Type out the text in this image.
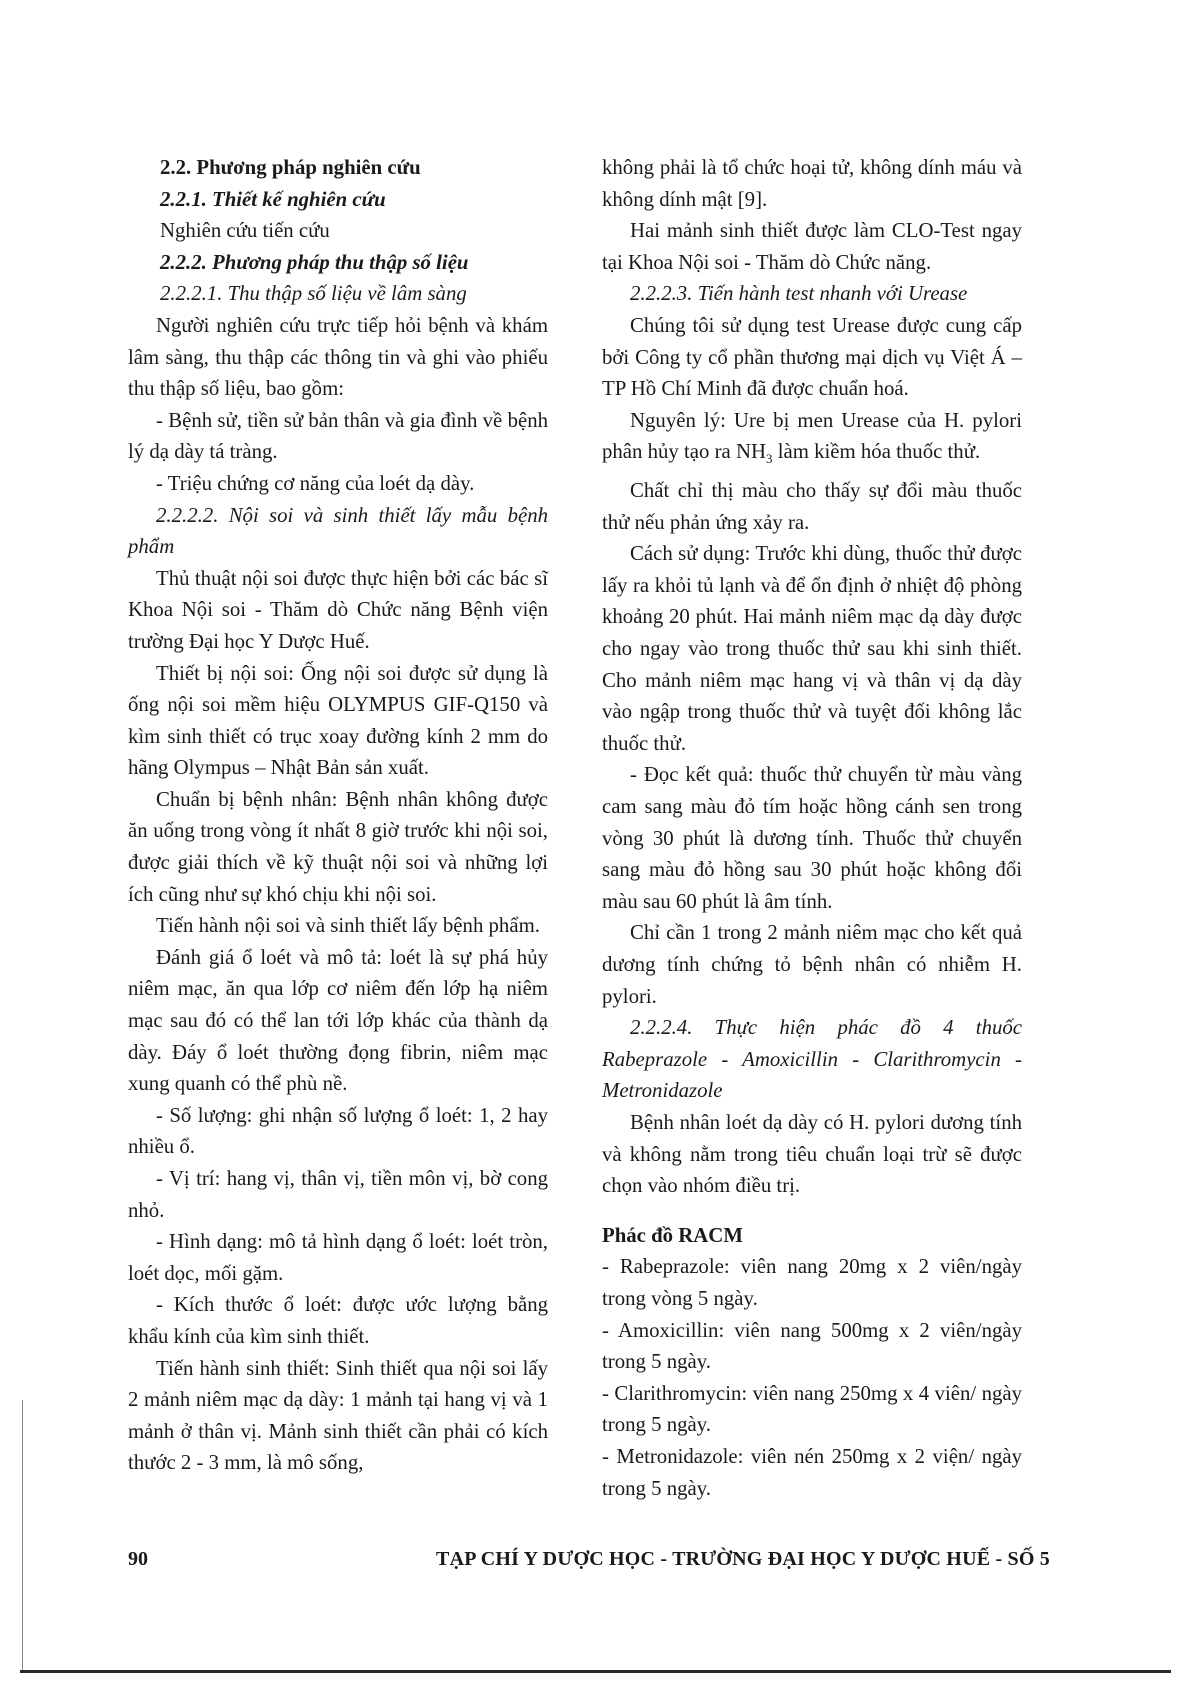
2.2. Phương pháp nghiên cứu

2.2.1. Thiết kế nghiên cứu

Nghiên cứu tiến cứu

2.2.2. Phương pháp thu thập số liệu

2.2.2.1. Thu thập số liệu về lâm sàng

Người nghiên cứu trực tiếp hỏi bệnh và khám lâm sàng, thu thập các thông tin và ghi vào phiếu thu thập số liệu, bao gồm:

- Bệnh sử, tiền sử bản thân và gia đình về bệnh lý dạ dày tá tràng.

- Triệu chứng cơ năng của loét dạ dày.

2.2.2.2. Nội soi và sinh thiết lấy mẫu bệnh phẩm

Thủ thuật nội soi được thực hiện bởi các bác sĩ Khoa Nội soi - Thăm dò Chức năng Bệnh viện trường Đại học Y Dược Huế.

Thiết bị nội soi: Ống nội soi được sử dụng là ống nội soi mềm hiệu OLYMPUS GIF-Q150 và kìm sinh thiết có trục xoay đường kính 2 mm do hãng Olympus – Nhật Bản sản xuất.

Chuẩn bị bệnh nhân: Bệnh nhân không được ăn uống trong vòng ít nhất 8 giờ trước khi nội soi, được giải thích về kỹ thuật nội soi và những lợi ích cũng như sự khó chịu khi nội soi.

Tiến hành nội soi và sinh thiết lấy bệnh phẩm.

Đánh giá ổ loét và mô tả: loét là sự phá hủy niêm mạc, ăn qua lớp cơ niêm đến lớp hạ niêm mạc sau đó có thể lan tới lớp khác của thành dạ dày. Đáy ổ loét thường đọng fibrin, niêm mạc xung quanh có thể phù nề.

- Số lượng: ghi nhận số lượng ổ loét: 1, 2 hay nhiều ổ.

- Vị trí: hang vị, thân vị, tiền môn vị, bờ cong nhỏ.

- Hình dạng: mô tả hình dạng ổ loét: loét tròn, loét dọc, mối gặm.

- Kích thước ổ loét: được ước lượng bằng khẩu kính của kìm sinh thiết.

Tiến hành sinh thiết: Sinh thiết qua nội soi lấy 2 mảnh niêm mạc dạ dày: 1 mảnh tại hang vị và 1 mảnh ở thân vị. Mảnh sinh thiết cần phải có kích thước 2 - 3 mm, là mô sống,

không phải là tổ chức hoại tử, không dính máu và không dính mật [9].

Hai mảnh sinh thiết được làm CLO-Test ngay tại Khoa Nội soi - Thăm dò Chức năng.

2.2.2.3. Tiến hành test nhanh với Urease

Chúng tôi sử dụng test Urease được cung cấp bởi Công ty cổ phần thương mại dịch vụ Việt Á – TP Hồ Chí Minh đã được chuẩn hoá.

Nguyên lý: Ure bị men Urease của H. pylori phân hủy tạo ra $NH_3$ làm kiềm hóa thuốc thử.

Chất chỉ thị màu cho thấy sự đổi màu thuốc thử nếu phản ứng xảy ra.

Cách sử dụng: Trước khi dùng, thuốc thử được lấy ra khỏi tủ lạnh và để ổn định ở nhiệt độ phòng khoảng 20 phút. Hai mảnh niêm mạc dạ dày được cho ngay vào trong thuốc thử sau khi sinh thiết. Cho mảnh niêm mạc hang vị và thân vị dạ dày vào ngập trong thuốc thử và tuyệt đối không lắc thuốc thử.

- Đọc kết quả: thuốc thử chuyển từ màu vàng cam sang màu đỏ tím hoặc hồng cánh sen trong vòng 30 phút là dương tính. Thuốc thử chuyển sang màu đỏ hồng sau 30 phút hoặc không đổi màu sau 60 phút là âm tính.

Chỉ cần 1 trong 2 mảnh niêm mạc cho kết quả dương tính chứng tỏ bệnh nhân có nhiễm H. pylori.

2.2.2.4. Thực hiện phác đồ 4 thuốc Rabeprazole - Amoxicillin - Clarithromycin - Metronidazole

Bệnh nhân loét dạ dày có H. pylori dương tính và không nằm trong tiêu chuẩn loại trừ sẽ được chọn vào nhóm điều trị.

Phác đồ RACM

- Rabeprazole: viên nang 20mg x 2 viên/ngày trong vòng 5 ngày.

- Amoxicillin: viên nang 500mg x 2 viên/ngày trong 5 ngày.

- Clarithromycin: viên nang 250mg x 4 viên/ ngày trong 5 ngày.

- Metronidazole: viên nén 250mg x 2 viện/ ngày trong 5 ngày.

90	TẠP CHÍ Y DƯỢC HỌC - TRƯỜNG ĐẠI HỌC Y DƯỢC HUẾ - SỐ 5
